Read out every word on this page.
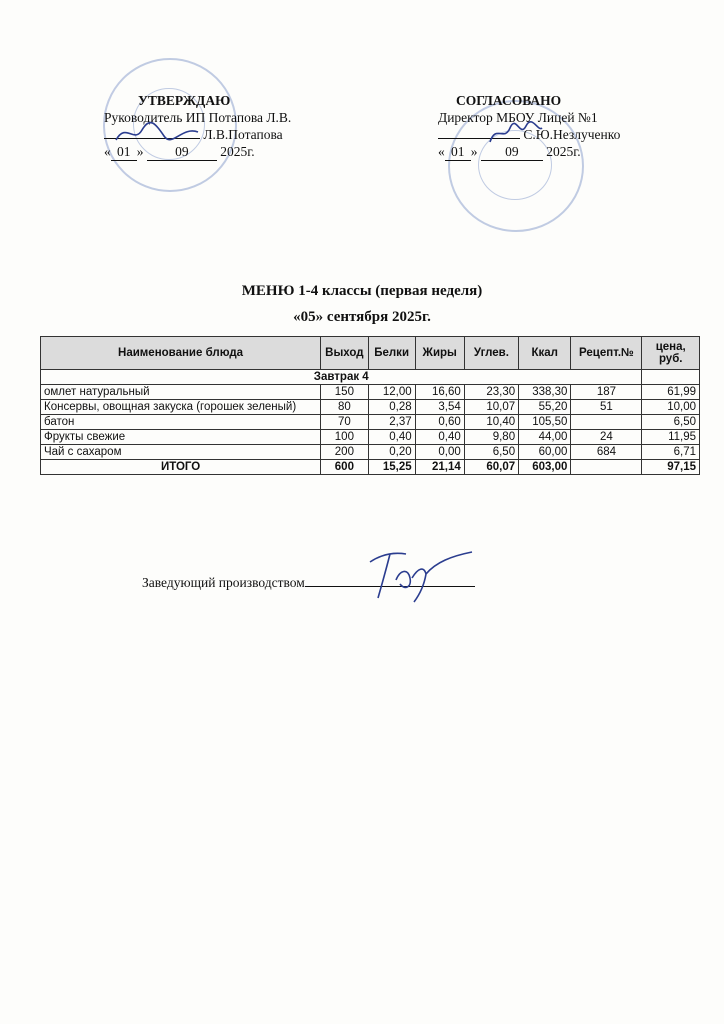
УТВЕРЖДАЮ
Руководитель ИП Потапова Л.В.
Л.В.Потапова
« 01 » 09 2025г.
СОГЛАСОВАНО
Директор МБОУ Лицей №1
С.Ю.Незлученко
« 01 » 09 2025г.
МЕНЮ 1-4 классы (первая неделя)
«05» сентября 2025г.
Наименование блюда	Выход	Белки	Жиры	Углев.	Ккал	Рецепт.№	цена, руб.
Завтрак 4							
омлет натуральный	150	12,00	16,60	23,30	338,30	187	61,99
Консервы, овощная закуска (горошек зеленый)	80	0,28	3,54	10,07	55,20	51	10,00
батон	70	2,37	0,60	10,40	105,50		6,50
Фрукты свежие	100	0,40	0,40	9,80	44,00	24	11,95
Чай с сахаром	200	0,20	0,00	6,50	60,00	684	6,71
ИТОГО	600	15,25	21,14	60,07	603,00		97,15
Заведующий производством
